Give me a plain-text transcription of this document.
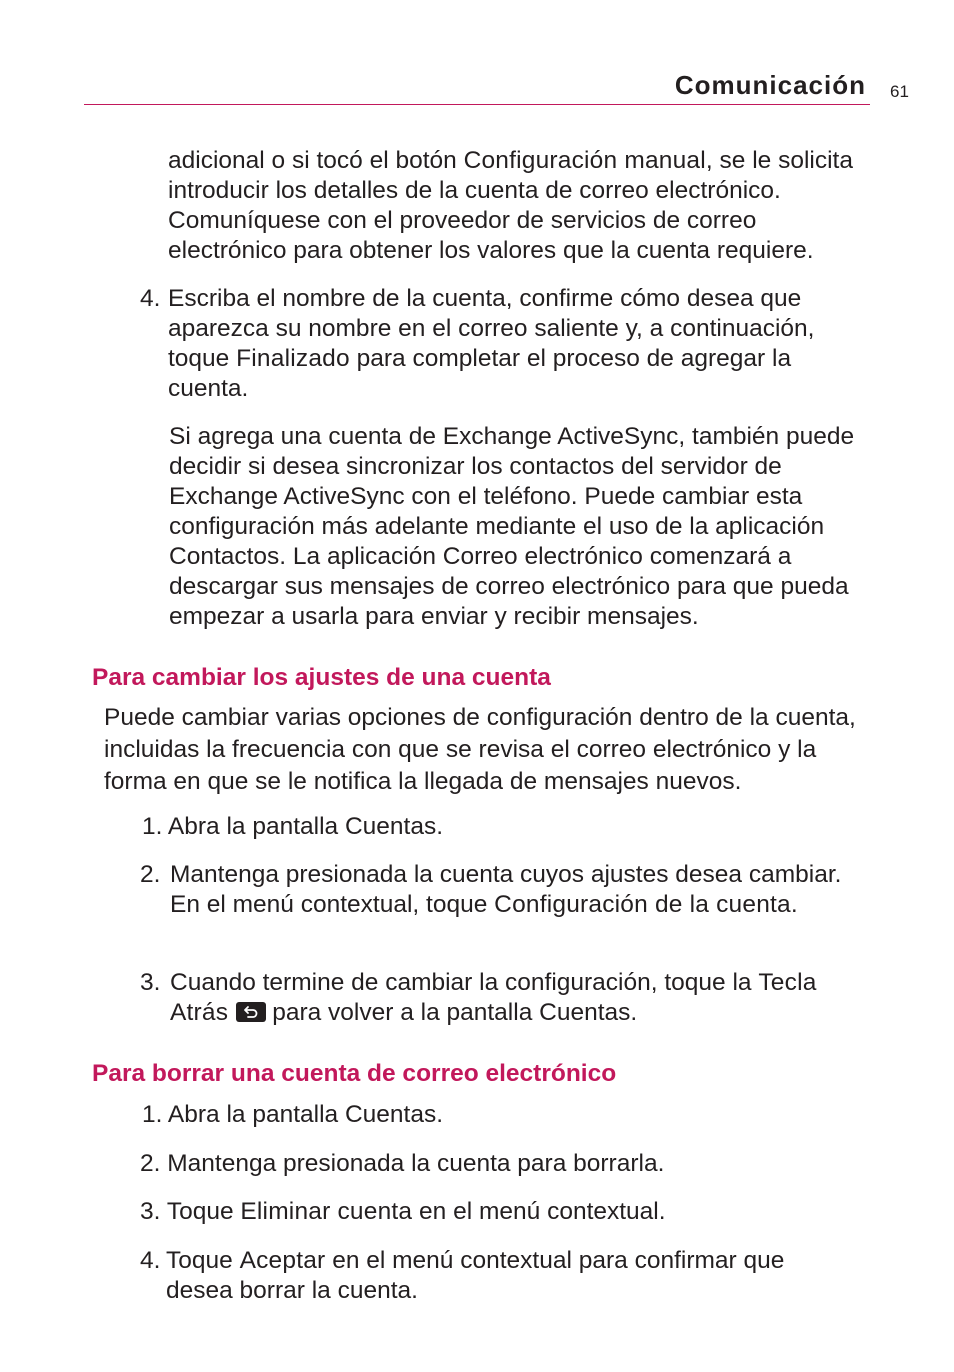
Comunicación 61

adicional o si tocó el botón Configuración manual, se le solicita introducir los detalles de la cuenta de correo electrónico. Comuníquese con el proveedor de servicios de correo electrónico para obtener los valores que la cuenta requiere.

4. Escriba el nombre de la cuenta, confirme cómo desea que aparezca su nombre en el correo saliente y, a continuación, toque Finalizado para completar el proceso de agregar la cuenta.

Si agrega una cuenta de Exchange ActiveSync, también puede decidir si desea sincronizar los contactos del servidor de Exchange ActiveSync con el teléfono. Puede cambiar esta configuración más adelante mediante el uso de la aplicación Contactos. La aplicación Correo electrónico comenzará a descargar sus mensajes de correo electrónico para que pueda empezar a usarla para enviar y recibir mensajes.

Para cambiar los ajustes de una cuenta

Puede cambiar varias opciones de configuración dentro de la cuenta, incluidas la frecuencia con que se revisa el correo electrónico y la forma en que se le notifica la llegada de mensajes nuevos.

1. Abra la pantalla Cuentas.
2. Mantenga presionada la cuenta cuyos ajustes desea cambiar. En el menú contextual, toque Configuración de la cuenta.
3. Cuando termine de cambiar la configuración, toque la Tecla Atrás para volver a la pantalla Cuentas.
Para borrar una cuenta de correo electrónico
1. Abra la pantalla Cuentas.
2. Mantenga presionada la cuenta para borrarla.
3. Toque Eliminar cuenta en el menú contextual.
4. Toque Aceptar en el menú contextual para confirmar que desea borrar la cuenta.
